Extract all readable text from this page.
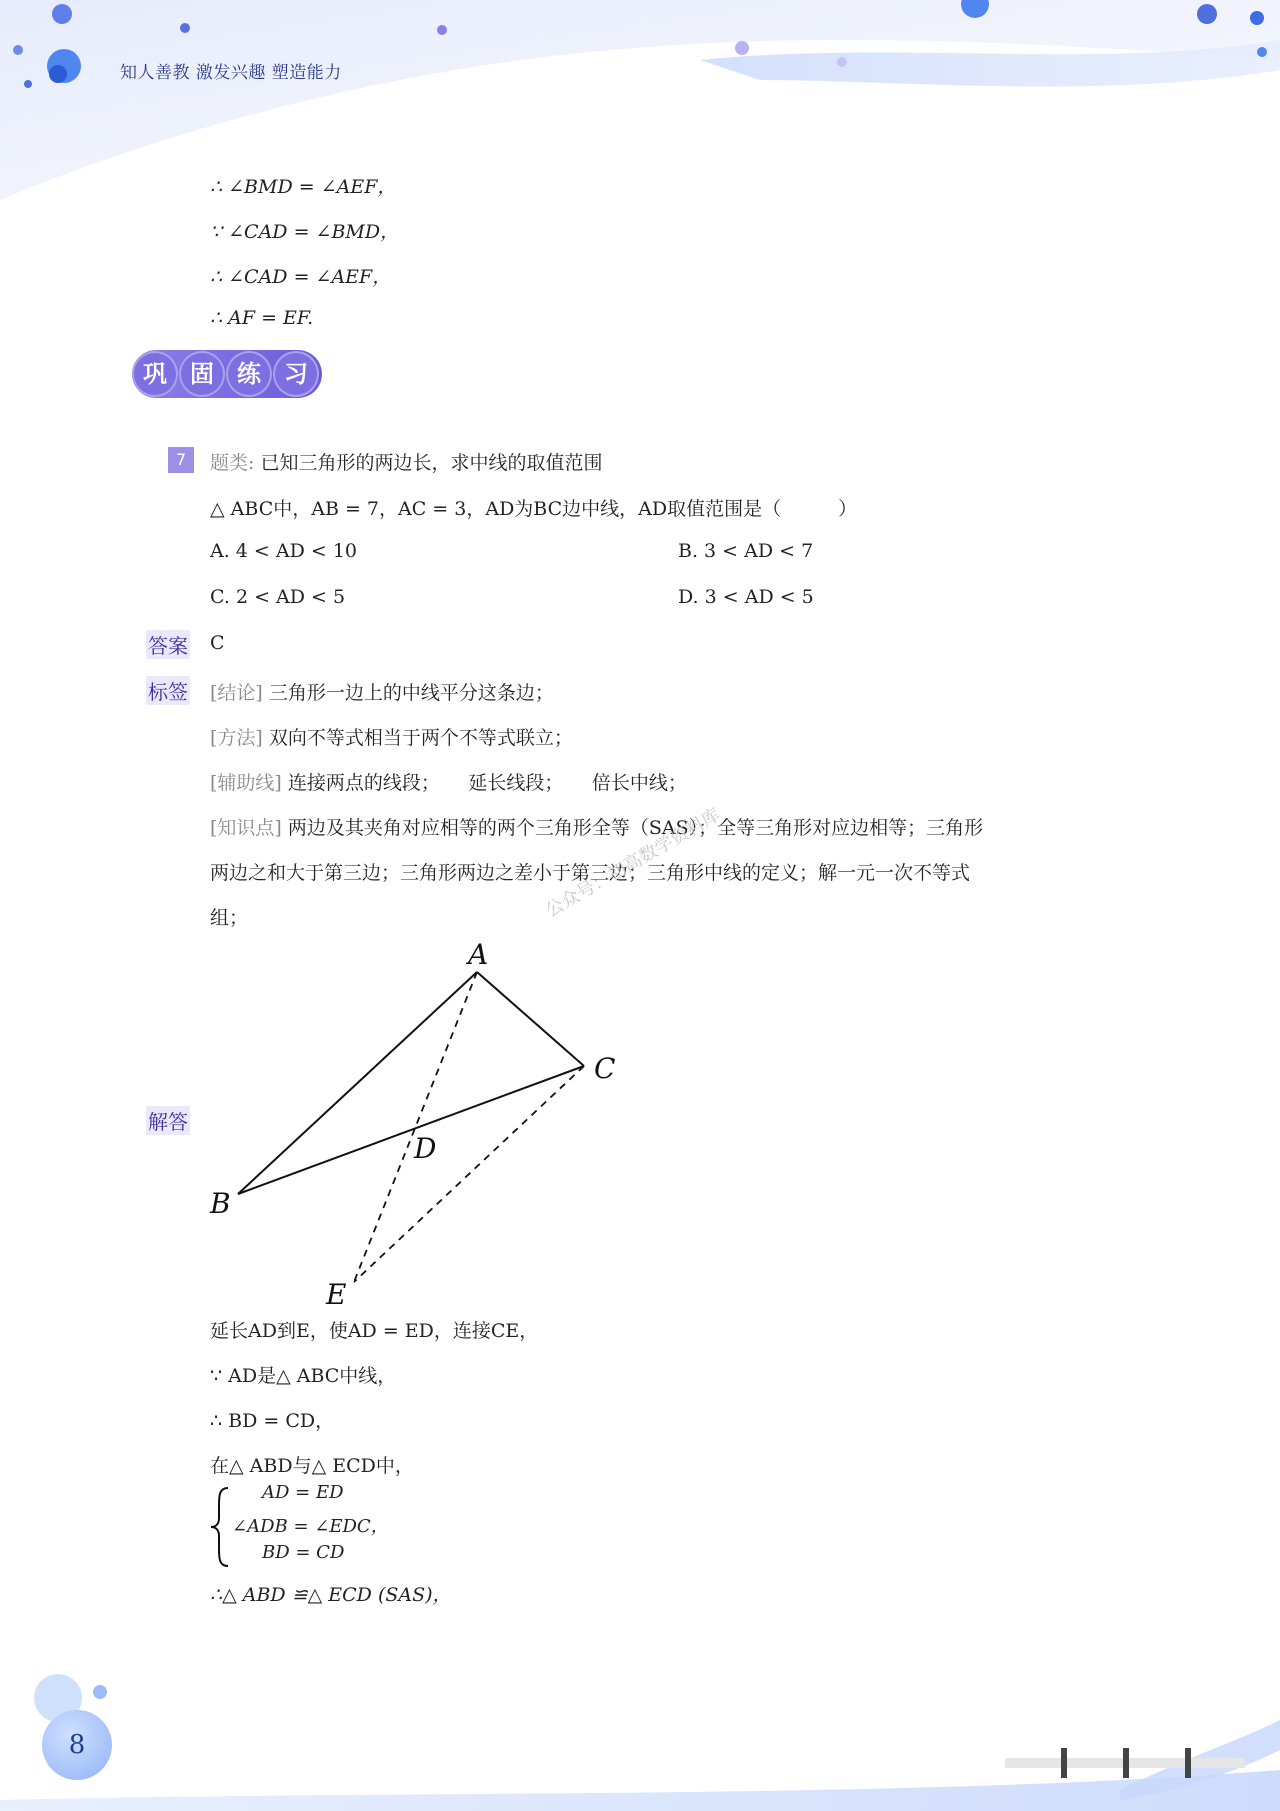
知人善教 激发兴趣 塑造能力
∴ ∠BMD = ∠AEF，
∵ ∠CAD = ∠BMD，
∴ ∠CAD = ∠AEF，
∴ AF = EF.
巩 固 练 习
7	题类: 已知三角形的两边长，求中线的取值范围
△ ABC中，AB = 7，AC = 3，AD为BC边中线，AD取值范围是（　　　）
A. 4 < AD < 10	B. 3 < AD < 7
C. 2 < AD < 5	D. 3 < AD < 5
答案 C
标签 [结论] 三角形一边上的中线平分这条边；
[方法] 双向不等式相当于两个不等式联立；
[辅助线] 连接两点的线段；　　延长线段；　　倍长中线；
[知识点] 两边及其夹角对应相等的两个三角形全等（SAS）；全等三角形对应边相等；三角形
两边之和大于第三边；三角形两边之差小于第三边；三角形中线的定义；解一元一次不等式
组；	公众号：初高数学资料库
解答
A
B
C
D
E
延长AD到E，使AD = ED，连接CE，
∵ AD是△ ABC中线，
∴ BD = CD，
在△ ABD与△ ECD中，
AD = ED
∠ADB = ∠EDC，
BD = CD
∴△ ABD ≌△ ECD (SAS)，
8
